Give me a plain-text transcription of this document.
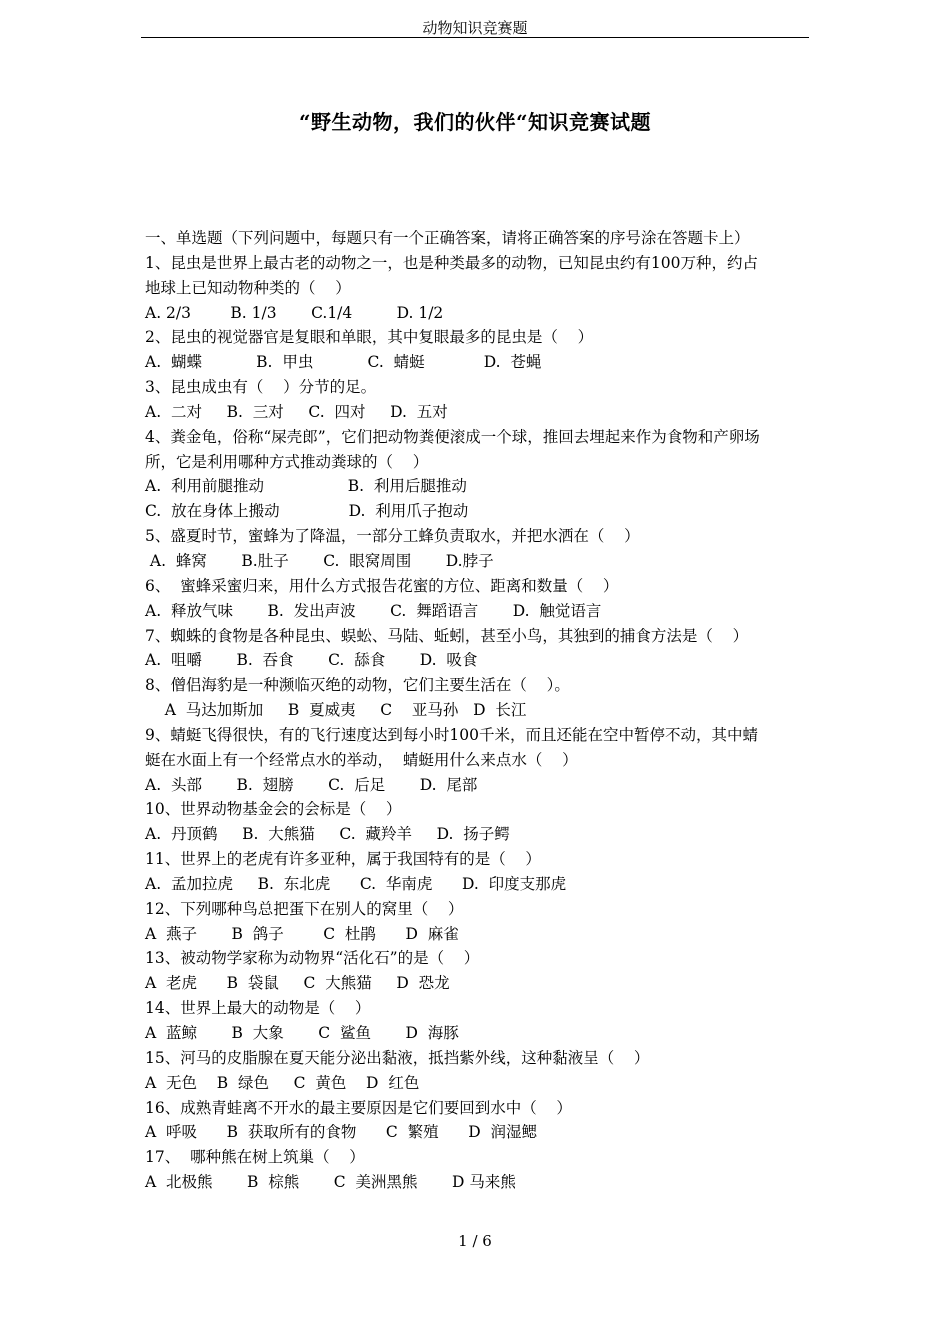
动物知识竞赛题
“野生动物，我们的伙伴“知识竞赛试题
一、单选题（下列问题中，每题只有一个正确答案，请将正确答案的序号涂在答题卡上）
1、昆虫是世界上最古老的动物之一，也是种类最多的动物，已知昆虫约有100万种，约占
地球上已知动物种类的（    ）
A. 2/3        B. 1/3       C.1/4         D. 1/2
2、昆虫的视觉器官是复眼和单眼，其中复眼最多的昆虫是（    ）
A.  蝴蝶           B.  甲虫           C.  蜻蜓            D.  苍蝇
3、昆虫成虫有（    ）分节的足。
A.  二对     B.  三对     C.  四对     D.  五对
4、粪金龟，俗称“屎壳郎”，它们把动物粪便滚成一个球，推回去埋起来作为食物和产卵场
所，它是利用哪种方式推动粪球的（    ）
A.  利用前腿推动                 B.  利用后腿推动
C.  放在身体上搬动              D.  利用爪子抱动
5、盛夏时节，蜜蜂为了降温，一部分工蜂负责取水，并把水洒在（    ）
A.  蜂窝       B.肚子       C.  眼窝周围       D.脖子
6、  蜜蜂采蜜归来，用什么方式报告花蜜的方位、距离和数量（    ）
A.  释放气味       B.  发出声波       C.  舞蹈语言       D.  触觉语言
7、蜘蛛的食物是各种昆虫、蜈蚣、马陆、蚯蚓，甚至小鸟，其独到的捕食方法是（    ）
A.  咀嚼       B.  吞食       C.  舔食       D.  吸食
8、僧侣海豹是一种濒临灭绝的动物，它们主要生活在（    ）。
A  马达加斯加     B  夏威夷     C    亚马孙   D  长江
9、蜻蜓飞得很快，有的飞行速度达到每小时100千米，而且还能在空中暂停不动，其中蜻
蜓在水面上有一个经常点水的举动，  蜻蜓用什么来点水（    ）
A.  头部       B.  翅膀       C.  后足       D.  尾部
10、世界动物基金会的会标是（    ）
A.  丹顶鹤     B.  大熊猫     C.  藏羚羊     D.  扬子鳄
11、世界上的老虎有许多亚种，属于我国特有的是（    ）
A.  孟加拉虎     B.  东北虎      C.  华南虎      D.  印度支那虎
12、下列哪种鸟总把蛋下在别人的窝里（    ）
A  燕子       B  鸽子        C  杜鹃      D  麻雀
13、被动物学家称为动物界“活化石”的是（    ）
A  老虎      B  袋鼠     C  大熊猫     D  恐龙
14、世界上最大的动物是（    ）
A  蓝鲸       B  大象       C  鲨鱼       D  海豚
15、河马的皮脂腺在夏天能分泌出黏液，抵挡紫外线，这种黏液呈（    ）
A  无色    B  绿色     C  黄色    D  红色
16、成熟青蛙离不开水的最主要原因是它们要回到水中（    ）
A  呼吸      B  获取所有的食物      C  繁殖      D  润湿鳃
17、  哪种熊在树上筑巢（    ）
A  北极熊       B  棕熊       C  美洲黑熊       D 马来熊
1 / 6
